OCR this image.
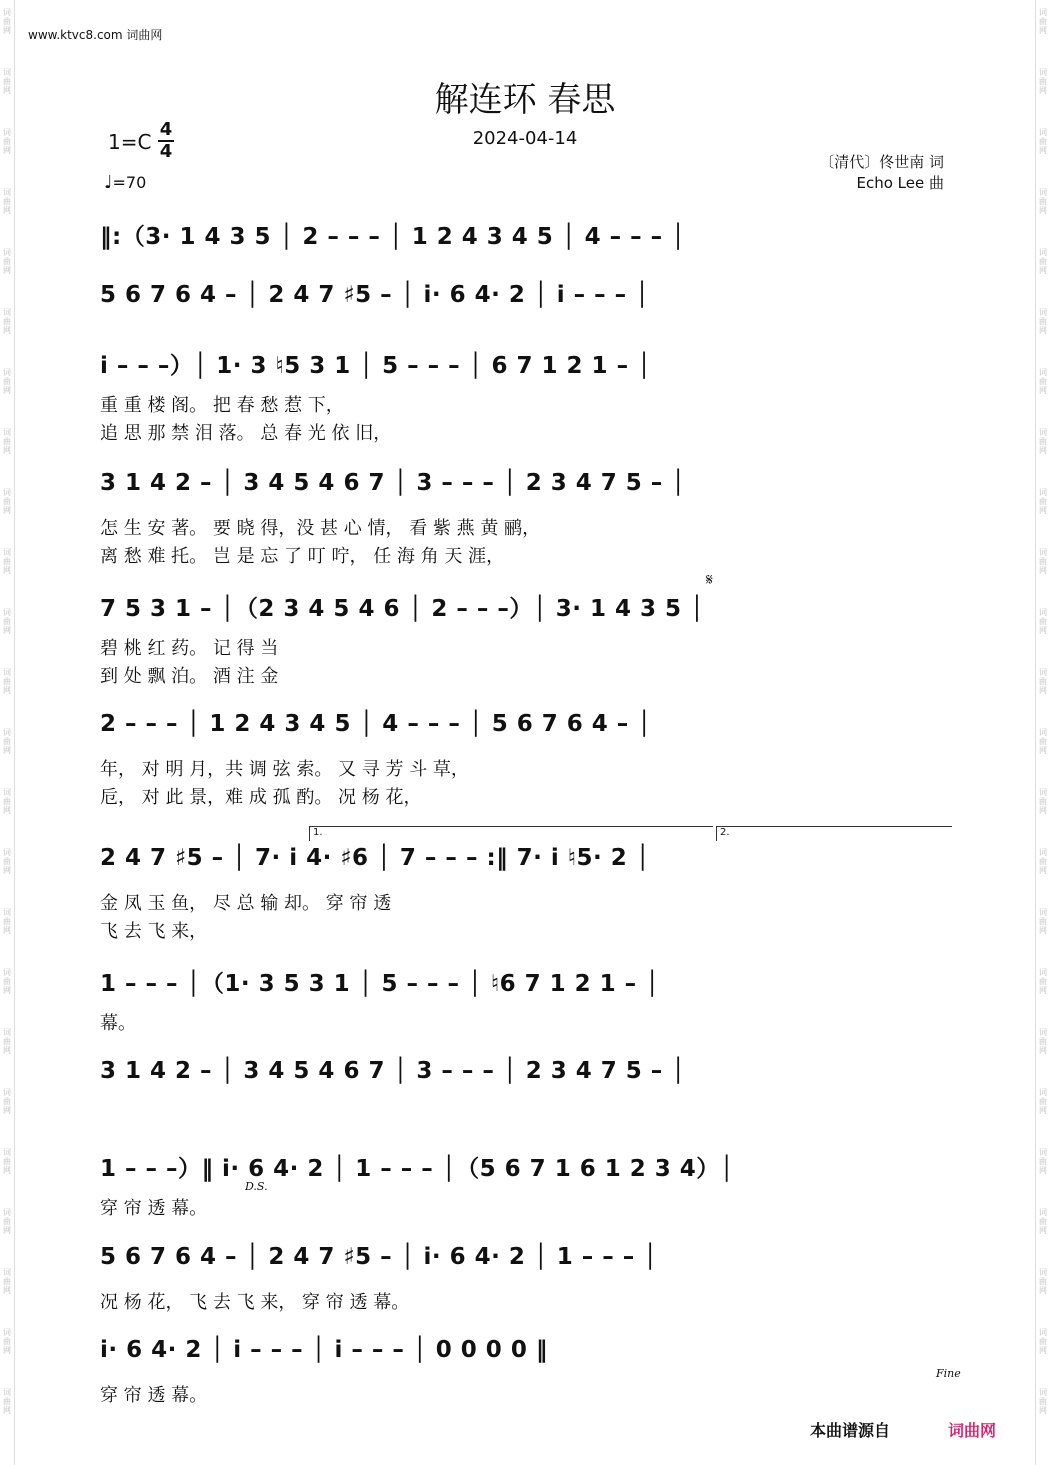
词
曲
网
词
曲
网
词
曲
网
词
曲
网
词
曲
网
词
曲
网
词
曲
网
词
曲
网
词
曲
网
词
曲
网
词
曲
网
词
曲
网
词
曲
网
词
曲
网
词
曲
网
词
曲
网
词
曲
网
词
曲
网
词
曲
网
词
曲
网
词
曲
网
词
曲
网
词
曲
网
词
曲
网
词
曲
网
词
曲
网
词
曲
网
词
曲
网
词
曲
网
词
曲
网
词
曲
网
词
曲
网
词
曲
网
词
曲
网
词
曲
网
词
曲
网
词
曲
网
词
曲
网
词
曲
网
词
曲
网
词
曲
网
词
曲
网
词
曲
网
词
曲
网
词
曲
网
词
曲
网
词
曲
网
词
曲
网
www.ktvc8.com 词曲网
解连环 春思
2024-04-14
1=C
4
4
♩=70
〔清代〕佟世南 词
Echo Lee 曲
‖:（3· 1 4 3 5 │ 2 – – – │ 1 2 4 3 4 5 │ 4 – – – │
5 6 7 6 4 – │ 2 4 7 ♯5 – │ i· 6 4· 2 │ i – – – │
i – – –）│ 1· 3 ♮5 3 1 │ 5 – – – │ 6 7 1 2 1 – │
重 重 楼 阁。 把 春 愁 惹 下，
追 思 那 禁 泪 落。 总 春 光 依 旧，
3 1 4 2 – │ 3 4 5 4 6 7 │ 3 – – – │ 2 3 4 7 5 – │
怎 生 安 著。 要 晓 得，没 甚 心 情， 看 紫 燕 黄 鹂，
离 愁 难 托。 岂 是 忘 了 叮 咛， 任 海 角 天 涯，
7 5 3 1 – │（2 3 4 5 4 6 │ 2 – – –）│ 3· 1 4 3 5 │
碧 桃 红 药。 记 得 当
到 处 飘 泊。 酒 注 金
2 – – – │ 1 2 4 3 4 5 │ 4 – – – │ 5 6 7 6 4 – │
年， 对 明 月，共 调 弦 索。 又 寻 芳 斗 草，
卮， 对 此 景，难 成 孤 酌。 况 杨 花，
2 4 7 ♯5 – │ 7· i 4· ♯6 │ 7 – – – :‖ 7· i ♮5· 2 │
金 凤 玉 鱼， 尽 总 输 却。 穿 帘 透
飞 去 飞 来，
1 – – – │（1· 3 5 3 1 │ 5 – – – │ ♮6 7 1 2 1 – │
幕。
3 1 4 2 – │ 3 4 5 4 6 7 │ 3 – – – │ 2 3 4 7 5 – │
1 – – –）‖ i· 6 4· 2 │ 1 – – – │（5 6 7 1 6 1 2 3 4）│
穿 帘 透 幕。
5 6 7 6 4 – │ 2 4 7 ♯5 – │ i· 6 4· 2 │ 1 – – – │
况 杨 花， 飞 去 飞 来， 穿 帘 透 幕。
i· 6 4· 2 │ i – – – │ i – – – │ 0 0 0 0 ‖
穿 帘 透 幕。
𝄋
D.S.
Fine
1.	2.
本曲谱源自	词曲网
